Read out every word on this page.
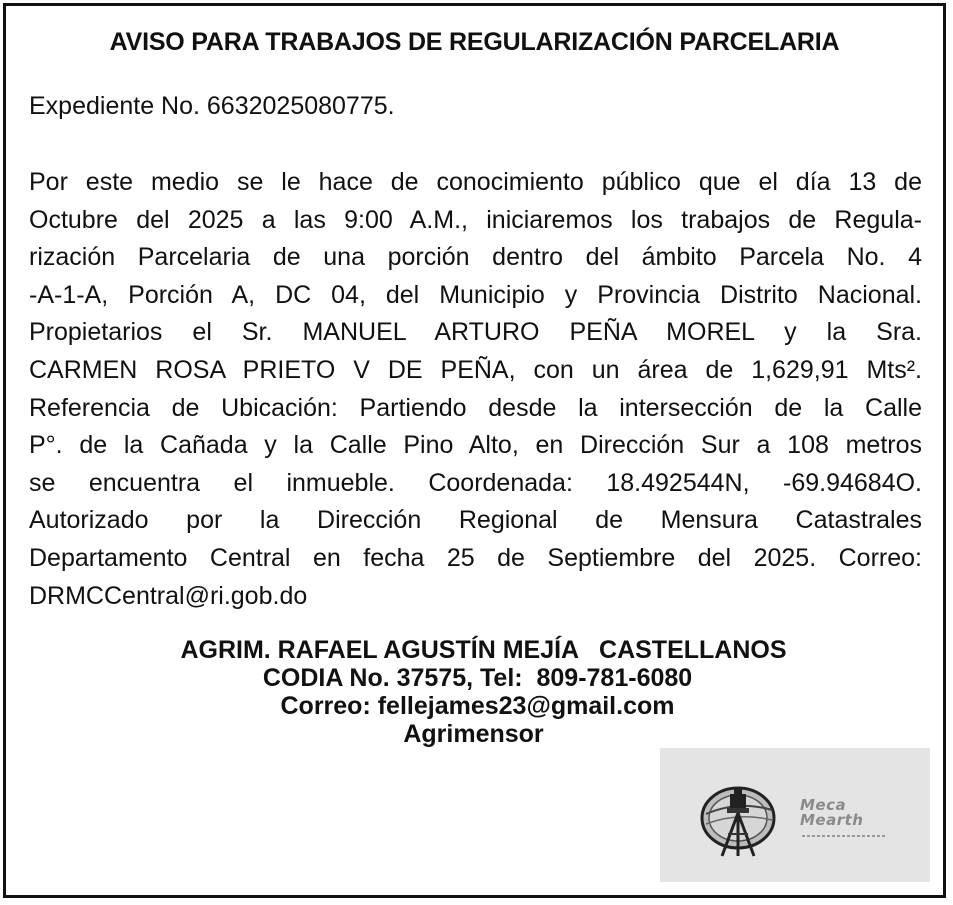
AVISO PARA TRABAJOS DE REGULARIZACIÓN PARCELARIA
Expediente No. 6632025080775.
Por este medio se le hace de conocimiento público que el día 13 de
Octubre del 2025 a las 9:00 A.M., iniciaremos los trabajos de Regula-
rización Parcelaria de una porción dentro del ámbito Parcela No. 4
-A-1-A, Porción A, DC 04, del Municipio y Provincia Distrito Nacional.
Propietarios el Sr. MANUEL ARTURO PEÑA MOREL y la Sra.
CARMEN ROSA PRIETO V DE PEÑA, con un área de 1,629,91 Mts².
Referencia de Ubicación: Partiendo desde la intersección de la Calle
P°. de la Cañada y la Calle Pino Alto, en Dirección Sur a 108 metros
se encuentra el inmueble. Coordenada: 18.492544N, -69.94684O.
Autorizado por la Dirección Regional de Mensura Catastrales
Departamento Central en fecha 25 de Septiembre del 2025. Correo:
DRMCCentral@ri.gob.do
AGRIM. RAFAEL AGUSTÍN MEJÍA   CASTELLANOS
CODIA No. 37575, Tel:  809-781-6080
Correo: fellejames23@gmail.com
Agrimensor
Meca
Mearth
